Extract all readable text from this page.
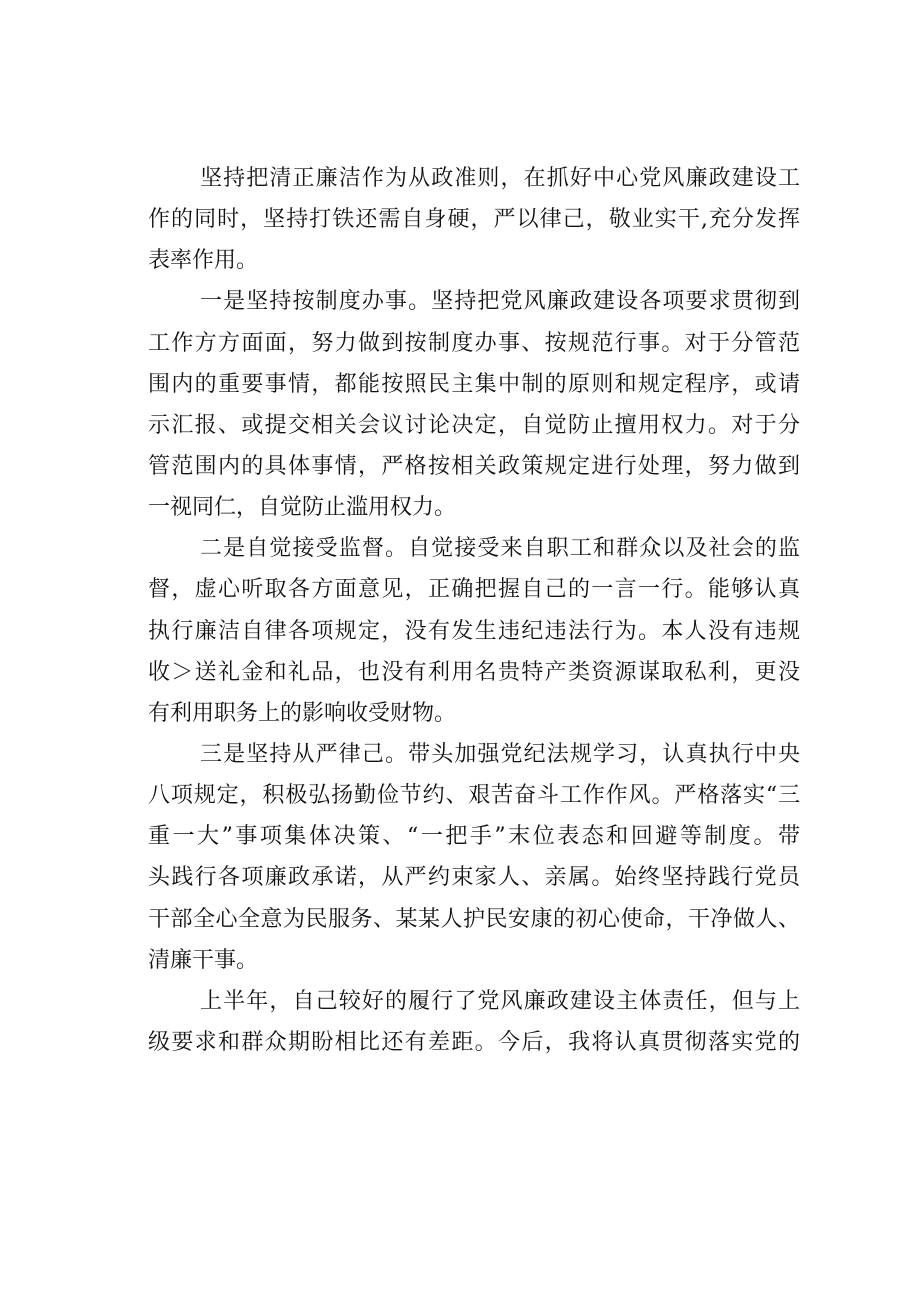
坚持把清正廉洁作为从政准则，在抓好中心党风廉政建设工
作的同时，坚持打铁还需自身硬，严以律己，敬业实干,充分发挥
表率作用。
一是坚持按制度办事。坚持把党风廉政建设各项要求贯彻到
工作方方面面，努力做到按制度办事、按规范行事。对于分管范
围内的重要事情，都能按照民主集中制的原则和规定程序，或请
示汇报、或提交相关会议讨论决定，自觉防止擅用权力。对于分
管范围内的具体事情，严格按相关政策规定进行处理，努力做到
一视同仁，自觉防止滥用权力。
二是自觉接受监督。自觉接受来自职工和群众以及社会的监
督，虚心听取各方面意见，正确把握自己的一言一行。能够认真
执行廉洁自律各项规定，没有发生违纪违法行为。本人没有违规
收＞送礼金和礼品，也没有利用名贵特产类资源谋取私利，更没
有利用职务上的影响收受财物。
三是坚持从严律己。带头加强党纪法规学习，认真执行中央
八项规定，积极弘扬勤俭节约、艰苦奋斗工作作风。严格落实“三
重一大”事项集体决策、“一把手”末位表态和回避等制度。带
头践行各项廉政承诺，从严约束家人、亲属。始终坚持践行党员
干部全心全意为民服务、某某人护民安康的初心使命，干净做人、
清廉干事。
上半年，自己较好的履行了党风廉政建设主体责任，但与上
级要求和群众期盼相比还有差距。今后，我将认真贯彻落实党的
